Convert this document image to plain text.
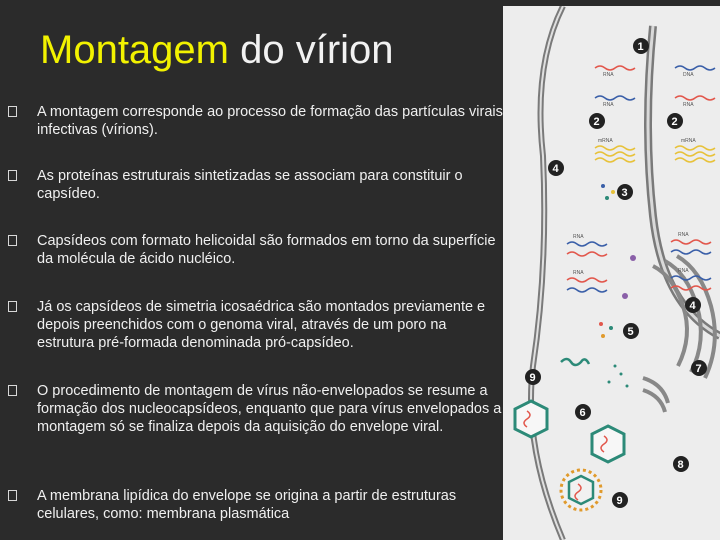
Montagem do vírion
A montagem corresponde ao processo de formação das partículas virais infectivas (vírions).
As proteínas estruturais sintetizadas se associam para constituir o capsídeo.
Capsídeos com formato helicoidal são formados em torno da superfície da molécula de ácido nucléico.
Já os capsídeos de simetria icosaédrica são montados previamente e depois preenchidos com o genoma viral, através de um poro na estrutura pré-formada denominada pró-capsídeo.
O procedimento de montagem de vírus não-envelopados se resume a formação dos nucleocapsídeos, enquanto que para vírus envelopados a montagem só se finaliza depois da aquisição do envelope viral.
A membrana lipídica do envelope se origina a partir de estruturas celulares, como: membrana plasmática
RNA	DNA
RNA	RNA
mRNA	mRNA
RNA
RNA
RNA
RNA
1
2	2
3
4
4
5
6
7
8
9
9
